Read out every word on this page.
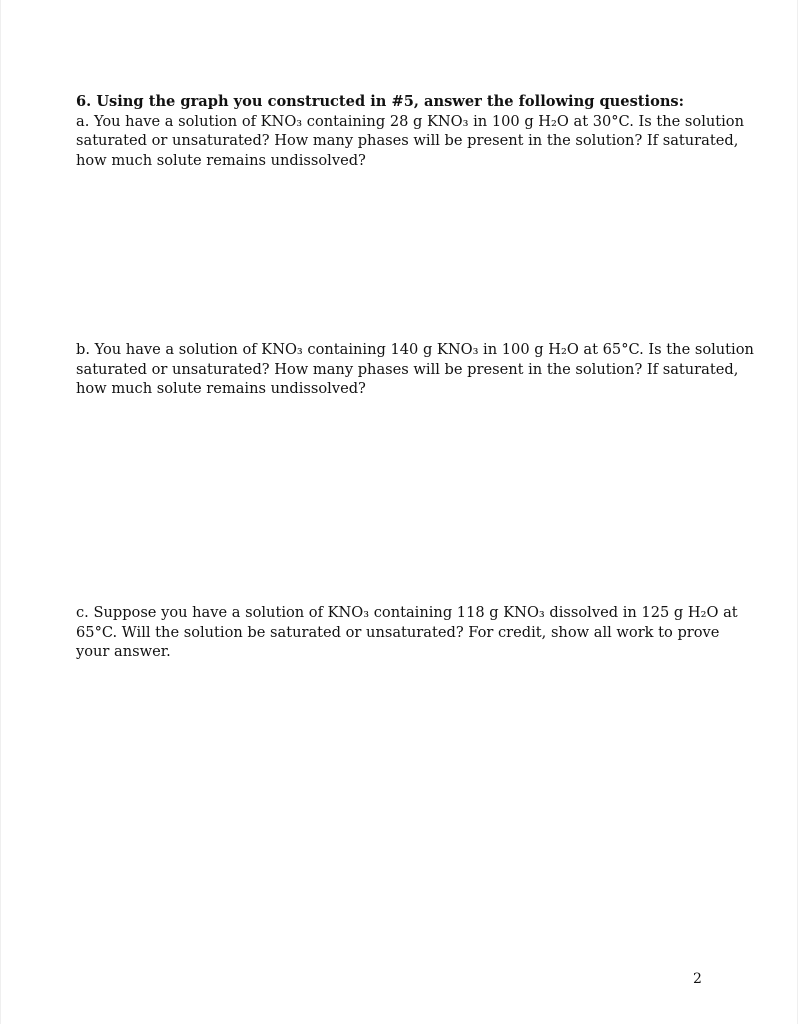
6. Using the graph you constructed in #5, answer the following questions:
a. You have a solution of KNO₃ containing 28 g KNO₃ in 100 g H₂O at 30°C. Is the solution
saturated or unsaturated? How many phases will be present in the solution? If saturated,
how much solute remains undissolved?
b. You have a solution of KNO₃ containing 140 g KNO₃ in 100 g H₂O at 65°C. Is the solution
saturated or unsaturated? How many phases will be present in the solution? If saturated,
how much solute remains undissolved?
c. Suppose you have a solution of KNO₃ containing 118 g KNO₃ dissolved in 125 g H₂O at
65°C. Will the solution be saturated or unsaturated? For credit, show all work to prove
your answer.
2
